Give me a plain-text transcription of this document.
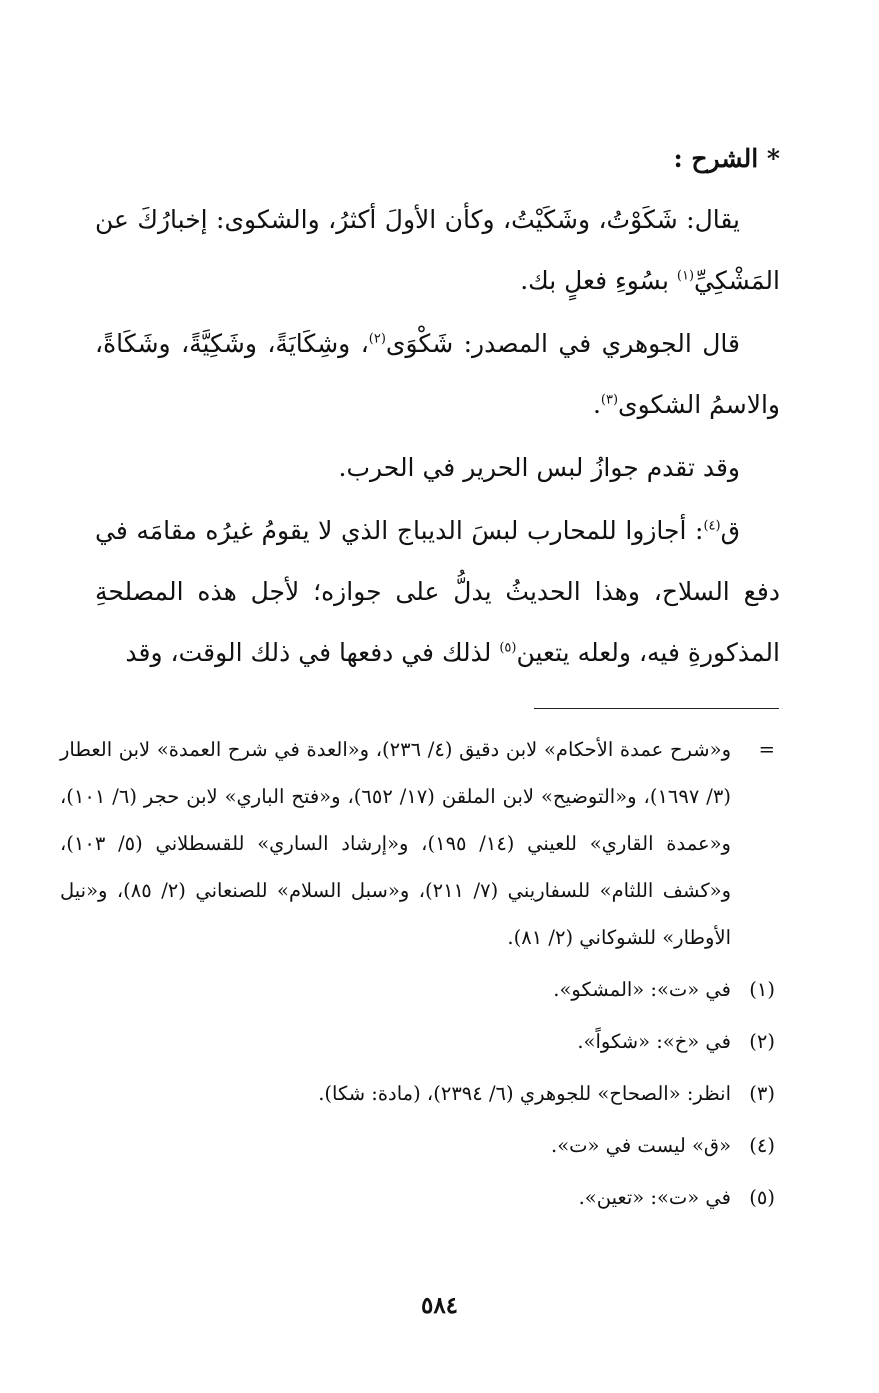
* الشرح :

يقال: شَكَوْتُ، وشَكَيْتُ، وكأن الأولَ أكثرُ، والشكوى: إخبارُكَ عن المَشْكِيِّ$^{(١)}$ بسُوءِ فعلٍ بك.

قال الجوهري في المصدر: شَكْوَى$^{(٢)}$، وشِكَايَةً، وشَكِيَّةً، وشَكَاةً، والاسمُ الشكوى$^{(٣)}$.

وقد تقدم جوازُ لبس الحرير في الحرب.

ق$^{(٤)}$: أجازوا للمحارب لبسَ الديباج الذي لا يقومُ غيرُه مقامَه في دفع السلاح، وهذا الحديثُ يدلُّ على جوازه؛ لأجل هذه المصلحةِ المذكورةِ فيه، ولعله يتعين$^{(٥)}$ لذلك في دفعها في ذلك الوقت، وقد

=
و«شرح عمدة الأحكام» لابن دقيق (٤/ ٢٣٦)، و«العدة في شرح العمدة» لابن العطار (٣/ ١٦٩٧)، و«التوضيح» لابن الملقن (١٧/ ٦٥٢)، و«فتح الباري» لابن حجر (٦/ ١٠١)، و«عمدة القاري» للعيني (١٤/ ١٩٥)، و«إرشاد الساري» للقسطلاني (٥/ ١٠٣)، و«كشف اللثام» للسفاريني (٧/ ٢١١)، و«سبل السلام» للصنعاني (٢/ ٨٥)، و«نيل الأوطار» للشوكاني (٢/ ٨١).
(١)
في «ت»: «المشكو».
(٢)
في «خ»: «شكواً».
(٣)
انظر: «الصحاح» للجوهري (٦/ ٢٣٩٤)، (مادة: شكا).
(٤)
«ق» ليست في «ت».
(٥)
في «ت»: «تعين».
٥٨٤
